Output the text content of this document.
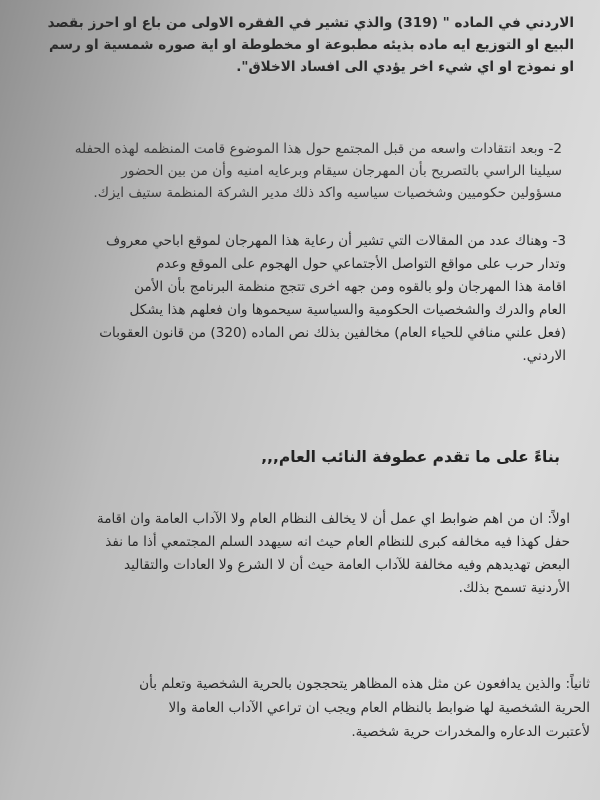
الاردني في الماده " (319) والذي تشير في الفقره الاولى من باع او احرز بقصد

البيع او التوزيع ايه ماده بذيئه مطبوعة او مخطوطة او اية صوره شمسية او رسم

او نموذج او اي شيء اخر يؤدي الى افساد الاخلاق".

2- وبعد انتقادات واسعه من قبل المجتمع حول هذا الموضوع قامت المنظمه لهذه الحفله

سيلينا الراسي بالتصريح بأن المهرجان سيقام وبرعايه امنيه وأن من بين الحضور

مسؤولين حكوميين وشخصيات سياسيه واكد ذلك مدير الشركة المنظمة ستيف ايزك.

3- وهناك عدد من المقالات التي تشير أن رعاية هذا المهرجان لموقع اباحي معروف

وتدار حرب على مواقع التواصل الأجتماعي حول الهجوم على الموقع وعدم

اقامة هذا المهرجان ولو بالقوه ومن جهه اخرى تتجج منظمة البرنامج بأن الأمن

العام والدرك والشخصيات الحكومية والسياسية سيحموها وان فعلهم هذا يشكل

(فعل علني منافي للحياء العام) مخالفين بذلك نص الماده (320) من قانون العقوبات

الاردني.

بناءً على ما تقدم عطوفة النائب العام,,,

اولاً: ان من اهم ضوابط اي عمل أن لا يخالف النظام العام ولا الآداب العامة وان اقامة

حفل كهذا فيه مخالفه كبرى للنظام العام حيث انه سيهدد السلم المجتمعي أذا ما نفذ

البعض تهديدهم وفيه مخالفة للآداب العامة حيث أن لا الشرع ولا العادات والتقاليد

الأردنية تسمح بذلك.

ثانياً: والذين يدافعون عن مثل هذه المظاهر يتحججون بالحرية الشخصية وتعلم بأن

الحرية الشخصية لها ضوابط بالنظام العام ويجب ان تراعي الآداب العامة والا

لأعتبرت الدعاره والمخدرات حرية شخصية.
